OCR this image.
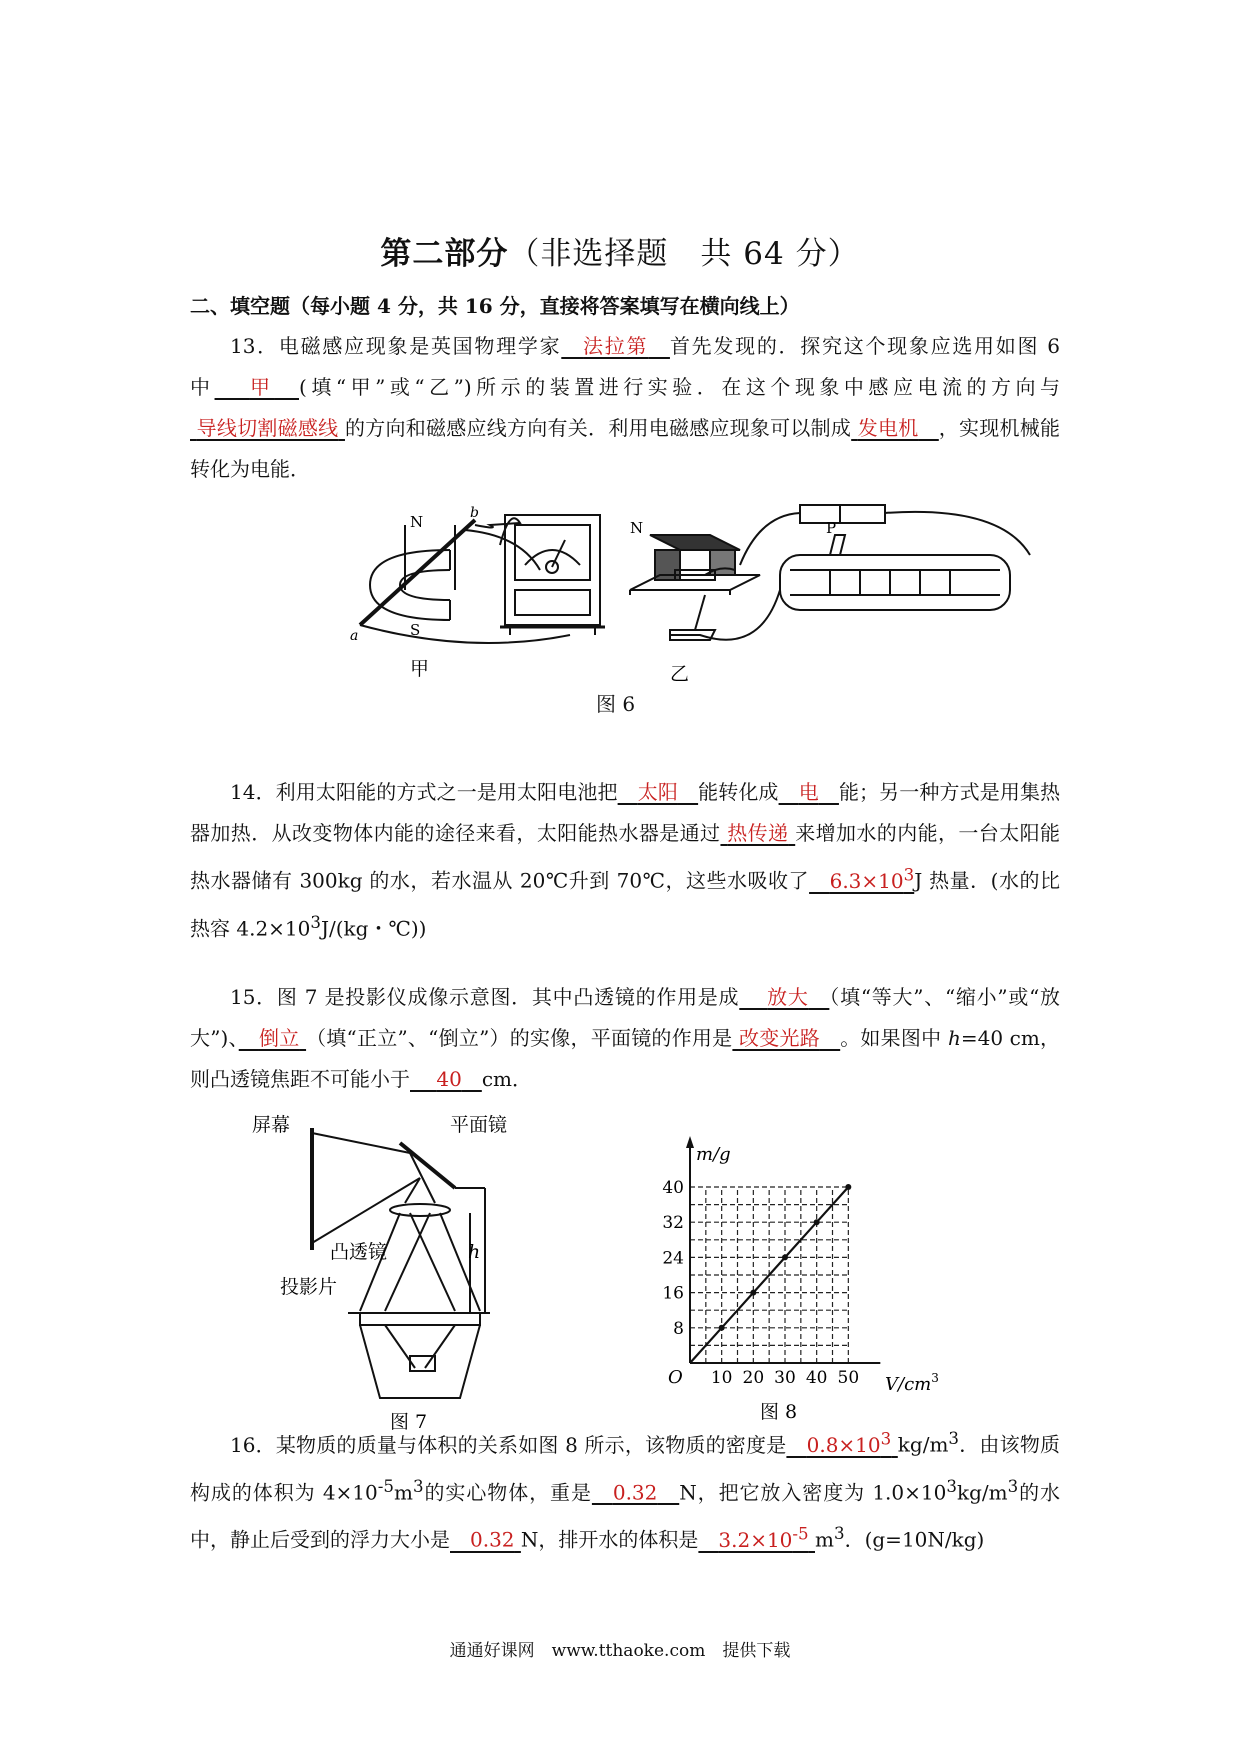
第二部分（非选择题　共 64 分）
二、填空题（每小题 4 分，共 16 分，直接将答案填写在横向线上）
13．电磁感应现象是英国物理学家　 法拉第　 首先发现的．探究这个现象应选用如图 6 中　 甲　 (填“甲”或“乙”)所示的装置进行实验．在这个现象中感应电流的方向与 导线切割磁感线 的方向和磁感应线方向有关．利用电磁感应现象可以制成 发电机　 ，实现机械能转化为电能．
N
S
a
b
N	P
甲	乙
图 6
14．利用太阳能的方式之一是用太阳电池把　 太阳　 能转化成　 电　 能；另一种方式是用集热器加热．从改变物体内能的途径来看，太阳能热水器是通过 热传递 来增加水的内能，一台太阳能热水器储有 300kg 的水，若水温从 20℃升到 70℃，这些水吸收了　 $6.3\times 10^3J$ 热量．(水的比热容 $4.2\times 10^3J/(kg$・℃))
15．图 7 是投影仪成像示意图．其中凸透镜的作用是成　 放大　 （填“等大”、“缩小”或“放大”)、　 倒立 （填“正立”、“倒立”）的实像，平面镜的作用是 改变光路　 。如果图中 h=40 cm，则凸透镜焦距不可能小于　 40　 cm．
屏幕	平面镜
凸透镜
投影片
h
图 7
8
16
24
32
40
10 20 30 40 50
m/g
$V/cm^3$
O
图 8
16．某物质的质量与体积的关系如图 8 所示，该物质的密度是　 $0.8\times 10^3$ $kg/m^3$．由该物质构成的体积为 $4\times 10^{-5}m^3$的实心物体，重是　 0.32　 N，把它放入密度为 $1.0\times 10^3kg/m^3$的水中，静止后受到的浮力大小是　 0.32 N，排开水的体积是　 $3.2\times 10^{-5}$ $m^3$．(g=10N/kg)
通通好课网　www.tthaoke.com　提供下载
